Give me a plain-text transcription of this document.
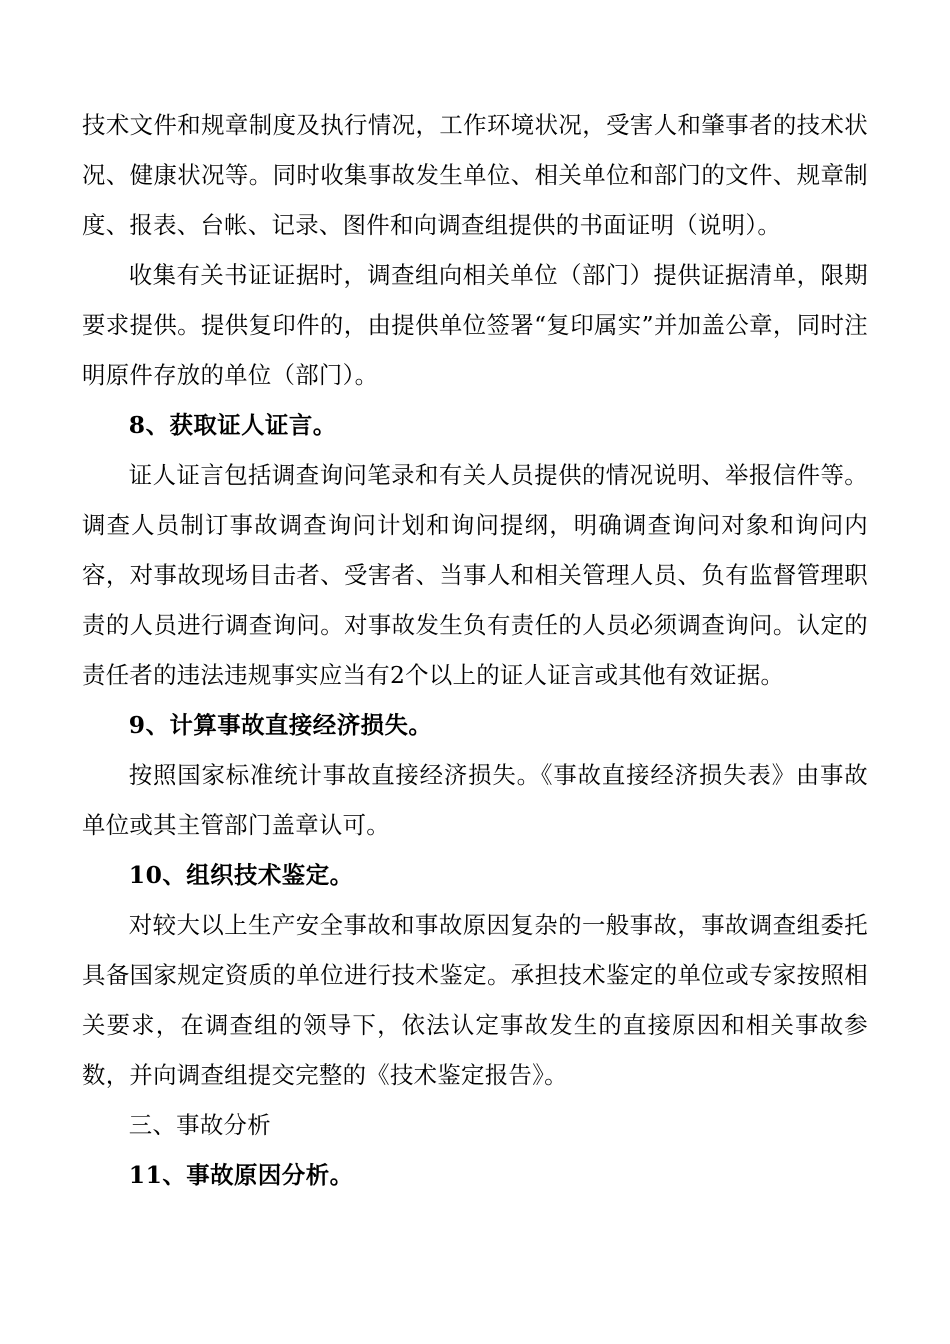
技术文件和规章制度及执行情况，工作环境状况，受害人和肇事者的技术状况、健康状况等。同时收集事故发生单位、相关单位和部门的文件、规章制度、报表、台帐、记录、图件和向调查组提供的书面证明（说明）。

收集有关书证证据时，调查组向相关单位（部门）提供证据清单，限期要求提供。提供复印件的，由提供单位签署“复印属实”并加盖公章，同时注明原件存放的单位（部门）。

8、获取证人证言。

证人证言包括调查询问笔录和有关人员提供的情况说明、举报信件等。调查人员制订事故调查询问计划和询问提纲，明确调查询问对象和询问内容，对事故现场目击者、受害者、当事人和相关管理人员、负有监督管理职责的人员进行调查询问。对事故发生负有责任的人员必须调查询问。认定的责任者的违法违规事实应当有2个以上的证人证言或其他有效证据。

9、计算事故直接经济损失。

按照国家标准统计事故直接经济损失。《事故直接经济损失表》由事故单位或其主管部门盖章认可。

10、组织技术鉴定。

对较大以上生产安全事故和事故原因复杂的一般事故，事故调查组委托具备国家规定资质的单位进行技术鉴定。承担技术鉴定的单位或专家按照相关要求，在调查组的领导下，依法认定事故发生的直接原因和相关事故参数，并向调查组提交完整的《技术鉴定报告》。

三、事故分析

11、事故原因分析。
